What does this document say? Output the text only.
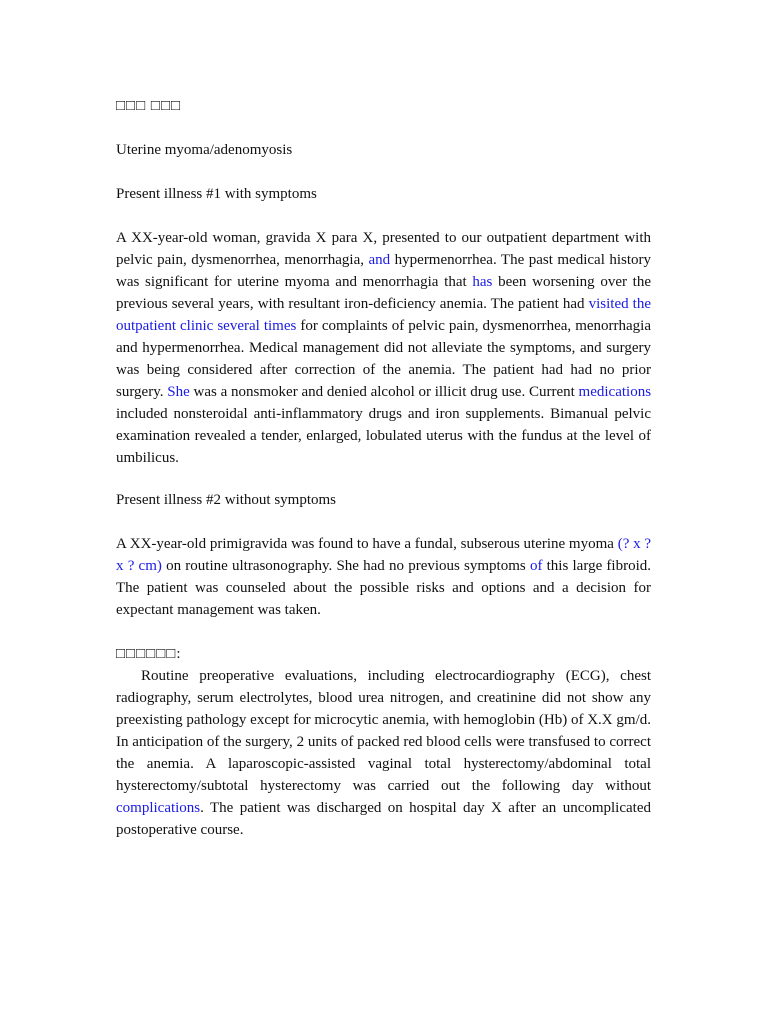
□□□ □□□
Uterine myoma/adenomyosis
Present illness #1 with symptoms
A XX-year-old woman, gravida X para X, presented to our outpatient department with pelvic pain, dysmenorrhea, menorrhagia, and hypermenorrhea. The past medical history was significant for uterine myoma and menorrhagia that has been worsening over the previous several years, with resultant iron-deficiency anemia. The patient had visited the outpatient clinic several times for complaints of pelvic pain, dysmenorrhea, menorrhagia and hypermenorrhea. Medical management did not alleviate the symptoms, and surgery was being considered after correction of the anemia. The patient had had no prior surgery. She was a nonsmoker and denied alcohol or illicit drug use. Current medications included nonsteroidal anti-inflammatory drugs and iron supplements. Bimanual pelvic examination revealed a tender, enlarged, lobulated uterus with the fundus at the level of umbilicus.
Present illness #2 without symptoms
A XX-year-old primigravida was found to have a fundal, subserous uterine myoma (? x ? x ? cm) on routine ultrasonography. She had no previous symptoms of this large fibroid. The patient was counseled about the possible risks and options and a decision for expectant management was taken.
□□□□□□:
Routine preoperative evaluations, including electrocardiography (ECG), chest radiography, serum electrolytes, blood urea nitrogen, and creatinine did not show any preexisting pathology except for microcytic anemia, with hemoglobin (Hb) of X.X gm/d. In anticipation of the surgery, 2 units of packed red blood cells were transfused to correct the anemia. A laparoscopic-assisted vaginal total hysterectomy/abdominal total hysterectomy/subtotal hysterectomy was carried out the following day without complications. The patient was discharged on hospital day X after an uncomplicated postoperative course.
